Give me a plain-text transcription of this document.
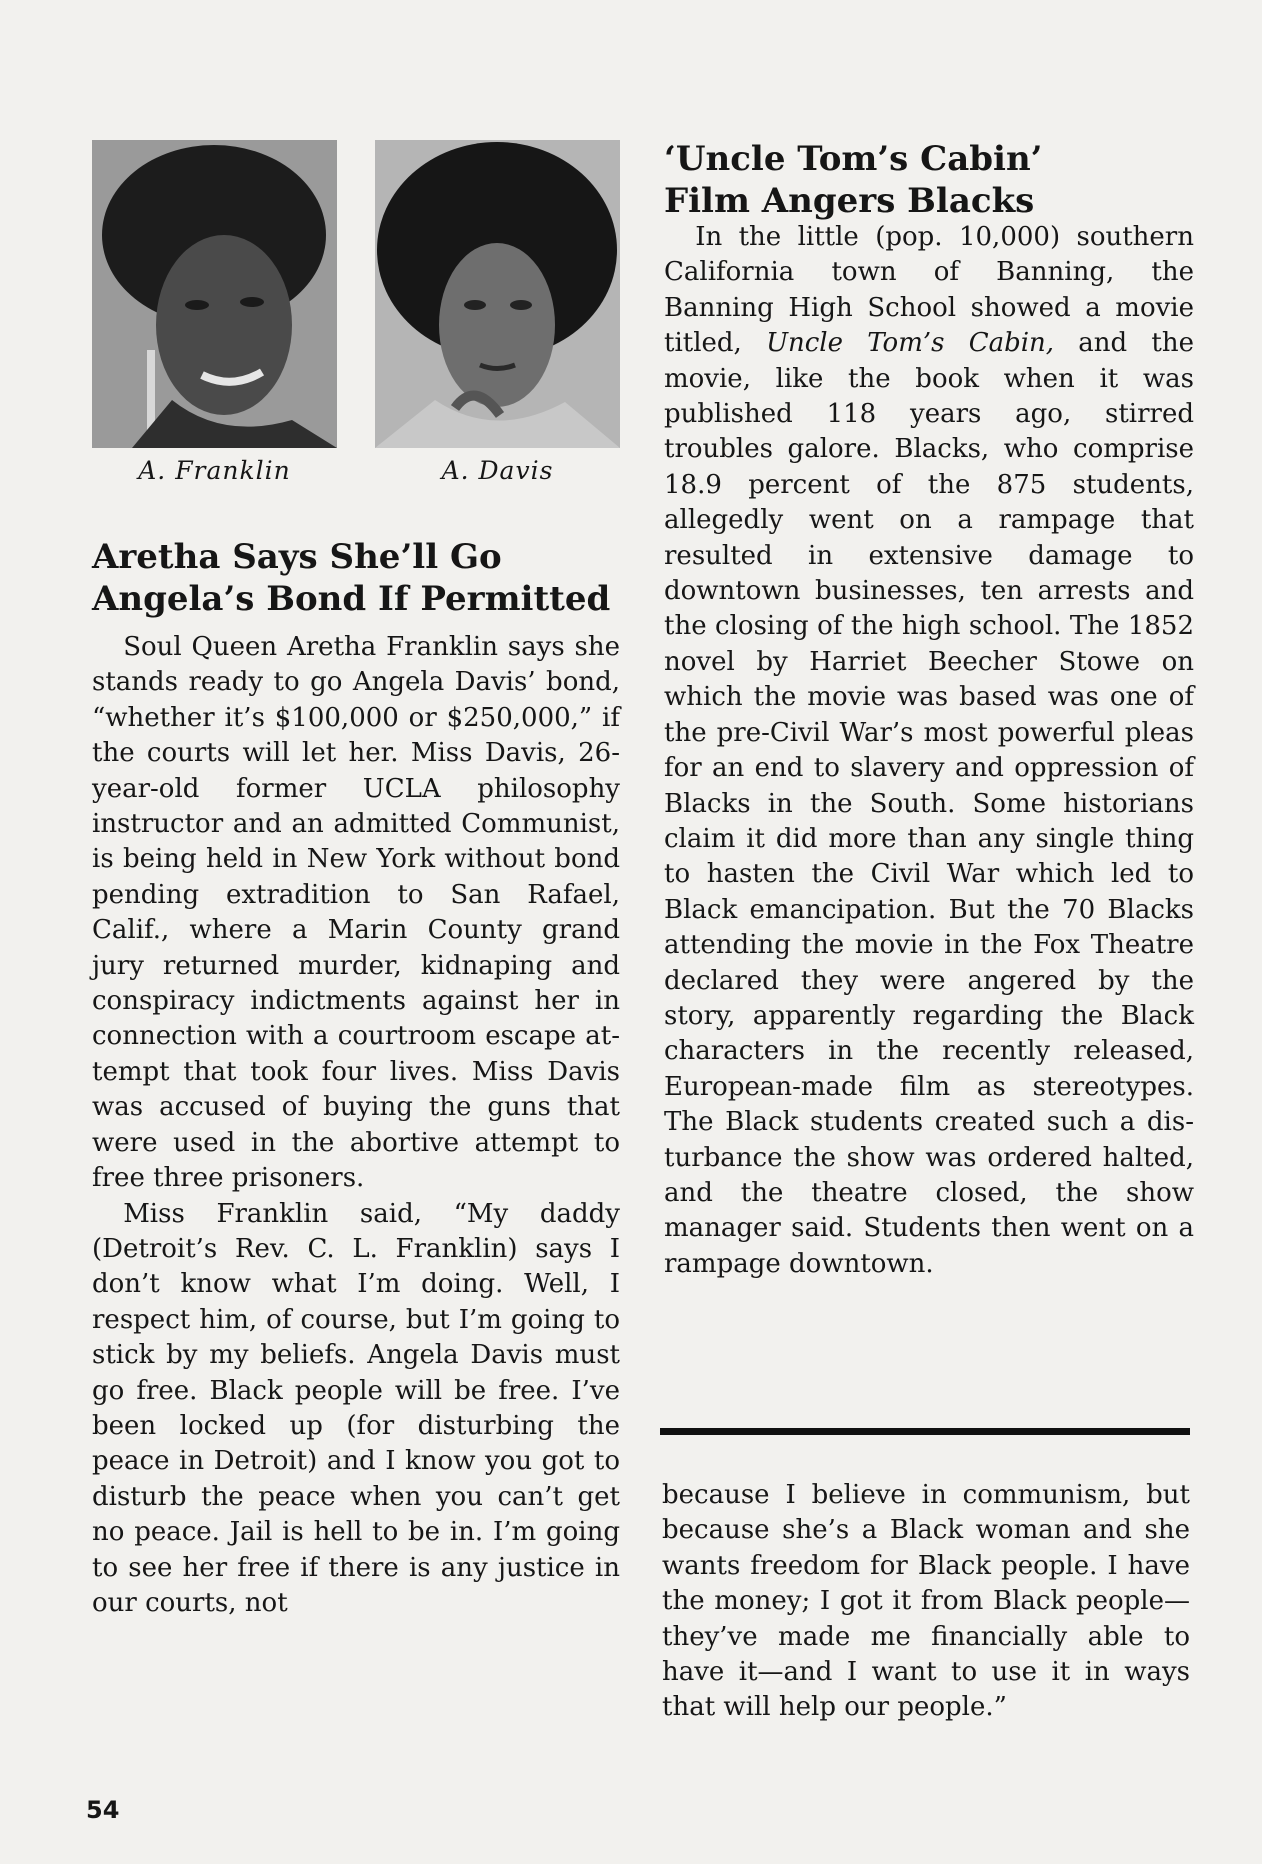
A. Franklin	A. Davis
Aretha Says She’ll Go
Angela’s Bond If Permitted

Soul Queen Aretha Franklin says she stands ready to go Angela Davis’ bond, “whether it’s $100,000 or $250,000,” if the courts will let her. Miss Davis, 26-year-old former UCLA philosophy instructor and an admitted Communist, is being held in New York without bond pending extradition to San Rafael, Calif., where a Marin County grand jury returned murder, kidnaping and conspiracy indictments against her in connection with a courtroom escape attempt that took four lives. Miss Davis was accused of buying the guns that were used in the abortive attempt to free three prisoners.

Miss Franklin said, “My daddy (Detroit’s Rev. C. L. Franklin) says I don’t know what I’m doing. Well, I respect him, of course, but I’m going to stick by my beliefs. Angela Davis must go free. Black people will be free. I’ve been locked up (for disturbing the peace in Detroit) and I know you got to disturb the peace when you can’t get no peace. Jail is hell to be in. I’m going to see her free if there is any justice in our courts, not

‘Uncle Tom’s Cabin’
Film Angers Blacks

In the little (pop. 10,000) southern California town of Banning, the Banning High School showed a movie titled, Uncle Tom’s Cabin, and the movie, like the book when it was published 118 years ago, stirred troubles galore. Blacks, who comprise 18.9 percent of the 875 students, allegedly went on a rampage that resulted in extensive damage to downtown businesses, ten arrests and the closing of the high school. The 1852 novel by Harriet Beecher Stowe on which the movie was based was one of the pre-Civil War’s most powerful pleas for an end to slavery and oppression of Blacks in the South. Some historians claim it did more than any single thing to hasten the Civil War which led to Black emancipation. But the 70 Blacks attending the movie in the Fox Theatre declared they were angered by the story, apparently regarding the Black characters in the recently released, European-made film as stereotypes. The Black students created such a disturbance the show was ordered halted, and the theatre closed, the show manager said. Students then went on a rampage downtown.

because I believe in communism, but because she’s a Black woman and she wants freedom for Black people. I have the money; I got it from Black people—they’ve made me financially able to have it—and I want to use it in ways that will help our people.”

54
